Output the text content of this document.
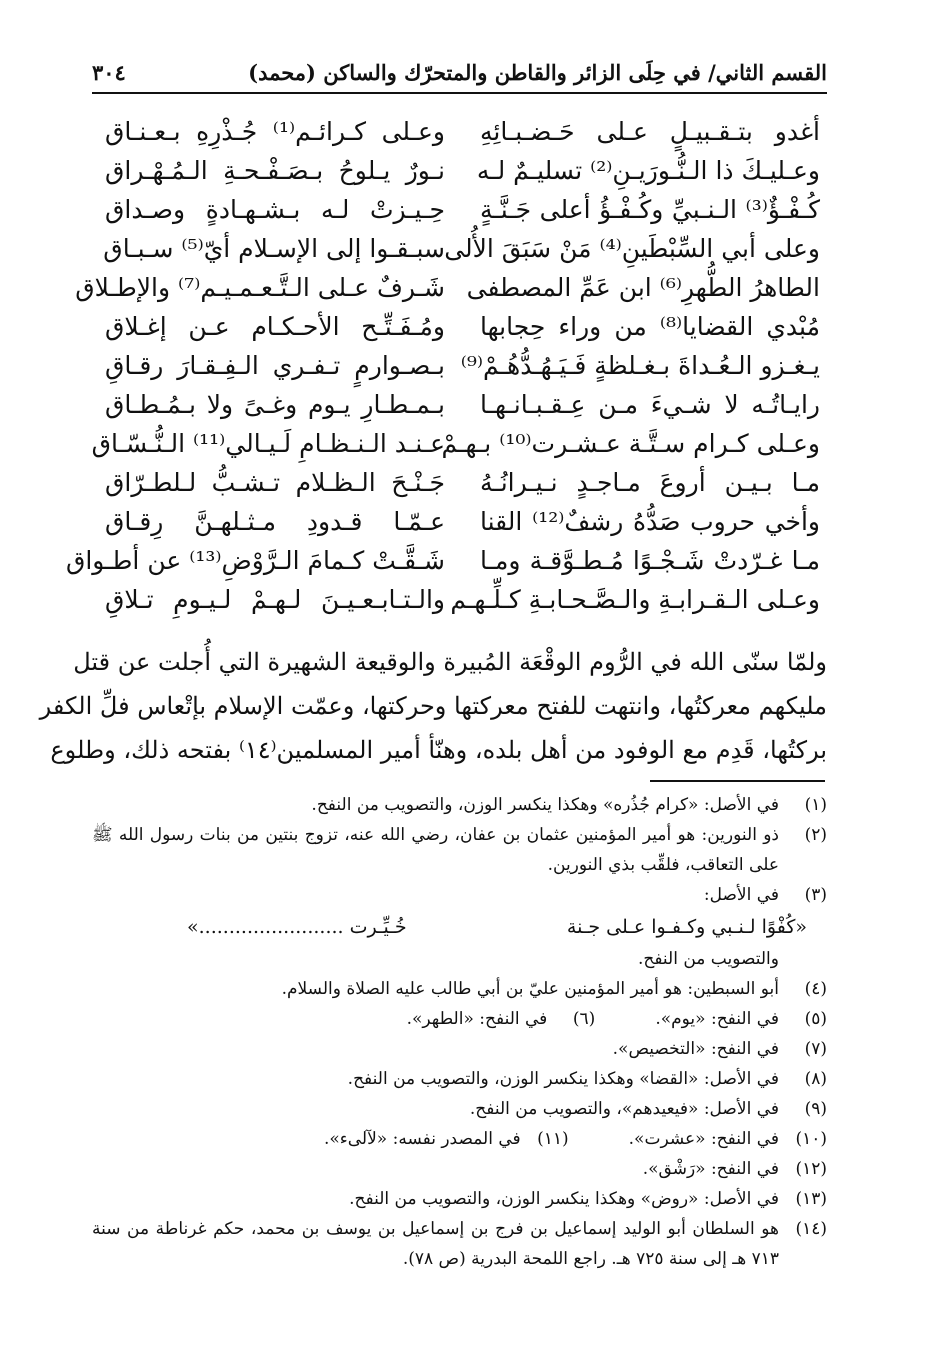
القسم الثاني/ في حِلَى الزائر والقاطن والمتحرّك والساكن (محمد)
٣٠٤
أغدو بتـقـبيـلٍ عـلى حَـضـبـائِهِ
وعـلى كـرائـم⁽¹⁾ جُـذْرِهِ بـعـنـاق
وعـليـكَ ذا الـنُّـورَيـنِ⁽²⁾ تسليـمٌ لـه
نـورٌ يـلوحُ بـصَـفْـحـةِ الـمُـهْـراق
كُـفْـؤٌ⁽³⁾ الـنـبيِّ وكُـفْـؤُ أعلى جَـنَّـةٍ
حِـيـزتْ لـه بـشـهـادةٍ وصـداق
وعلى أبي السِّبْطَينِ⁽⁴⁾ مَنْ سَبَقَ الأُلى
سبـقـوا إلى الإسـلام أيّ⁽⁵⁾ سـبـاق
الطاهرُ الطُّهرِ⁽⁶⁾ ابن عَمِّ المصطفى
شَـرفٌ عـلى الـتَّـعـمـيـم⁽⁷⁾ والإطـلاق
مُبْدي القضايا⁽⁸⁾ من وراء حِجابها
ومُـفَـتِّـح الأحـكـام عـن إغـلاق
يـغـزو الـعُـداةَ بـغـلظةٍ فَـيَـهُـدُّهُـمْ⁽⁹⁾
بـصـوارمٍ تـفـري الـفِـقـارَ رقـاقِ
رايـاتُـه لا شـيءَ مـن عِـقـبـانـهـا
بـمـطـارِ يـوم وغـىً ولا بـمُـطـاق
وعـلى كـرام سـتَّـة عـشـرت⁽¹⁰⁾ بـهـمْ
عـنـد الـنـظـامِ لَـيـالي⁽¹¹⁾ الـنُّـسّـاق
مـا بـيـن أروعَ مـاجـدٍ نـيـرانُـهُ
جَـنْـحَ الـظـلام تـشـبُّ لـلطـرّاق
وأخي حروب صَدُّهُ رشفٌ⁽¹²⁾ القنا
عـمّـا قـدودِ مـثـلهـنَّ رِقـاق
مـا غـرّدتْ شَـجْـوًا مُـطـوَّقـة ومـا
شَـقَّـتْ كـمامَ الـرَّوْضِ⁽¹³⁾ عن أطـواق
وعـلى الـقـرابـةِ والـصَّـحـابـةِ كـلِّـهـم
والـتـابـعـيـنَ لـهـمْ لـيـومِ تـلاقِ
ولمّا سنّى الله في الرُّوم الوقْعَة المُبيرة والوقيعة الشهيرة التي أُجلت عن قتل
مليكهم معركتُها، وانتهت للفتح معركتها وحركتها، وعمّت الإسلام بإتْعاس فلِّ الكفر
بركتُها، قَدِم مع الوفود من أهل بلده، وهنّأ أمير المسلمين⁽١٤⁾ بفتحه ذلك، وطلوع
(١)
في الأصل: «كرام جُذُره» وهكذا ينكسر الوزن، والتصويب من النفح.
(٢)
ذو النورين: هو أمير المؤمنين عثمان بن عفان، رضي الله عنه، تزوج بنتين من بنات رسول الله ﷺ على التعاقب، فلقِّب بذي النورين.
(٣)
في الأصل:
«كُفْوًا لـنـبي وكـفـوا عـلى جـنة
خُـيِّـرت ........................»
والتصويب من النفح.
(٤)
أبو السبطين: هو أمير المؤمنين عليّ بن أبي طالب عليه الصلاة والسلام.
(٥)
في النفح: «يوم».
(٦)
في النفح: «الطهر».
(٧)
في النفح: «التخصيص».
(٨)
في الأصل: «القضا» وهكذا ينكسر الوزن، والتصويب من النفح.
(٩)
في الأصل: «فيعيدهم»، والتصويب من النفح.
(١٠)
في النفح: «عشرت».
(١١)
في المصدر نفسه: «لآلىء».
(١٢)
في النفح: «رَشْق».
(١٣)
في الأصل: «روض» وهكذا ينكسر الوزن، والتصويب من النفح.
(١٤)
هو السلطان أبو الوليد إسماعيل بن فرج بن إسماعيل بن يوسف بن محمد، حكم غرناطة من سنة ٧١٣ هـ إلى سنة ٧٢٥ هـ. راجع اللمحة البدرية (ص ٧٨).
